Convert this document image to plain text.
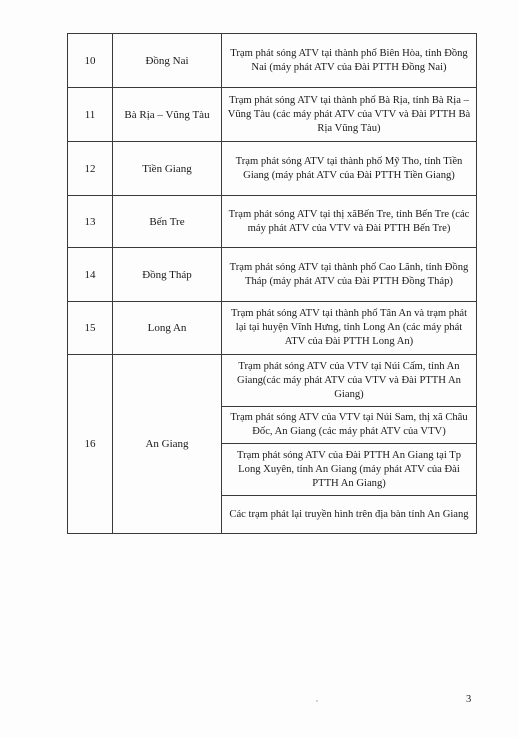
10	Đồng Nai	Trạm phát sóng ATV tại thành phố Biên Hòa, tỉnh Đồng Nai (máy phát ATV của Đài PTTH Đồng Nai)
11	Bà Rịa – Vũng Tàu	Trạm phát sóng ATV tại thành phố Bà Rịa, tỉnh Bà Rịa – Vũng Tàu (các máy phát ATV của VTV và Đài PTTH Bà Rịa Vũng Tàu)
12	Tiền Giang	Trạm phát sóng ATV tại thành phố Mỹ Tho, tỉnh Tiền Giang (máy phát ATV của Đài PTTH Tiền Giang)
13	Bến Tre	Trạm phát sóng ATV tại thị xãBến Tre, tỉnh Bến Tre (các máy phát ATV của VTV và Đài PTTH Bến Tre)
14	Đồng Tháp	Trạm phát sóng ATV tại thành phố Cao Lãnh, tỉnh Đồng Tháp (máy phát ATV của Đài PTTH Đồng Tháp)
15	Long An	Trạm phát sóng ATV tại thành phố Tân An và trạm phát lại tại huyện Vĩnh Hưng, tỉnh Long An (các máy phát ATV của Đài PTTH Long An)
16	An Giang	Trạm phát sóng ATV của VTV tại Núi Cấm, tỉnh An Giang(các máy phát ATV của VTV và Đài PTTH An Giang)
		Trạm phát sóng ATV của VTV tại Núi Sam, thị xã Châu Đốc, An Giang (các máy phát ATV của VTV)
		Trạm phát sóng ATV của Đài PTTH An Giang tại Tp Long Xuyên, tỉnh An Giang (máy phát ATV của Đài PTTH An Giang)
		Các trạm phát lại truyền hình trên địa bàn tỉnh An Giang
3
